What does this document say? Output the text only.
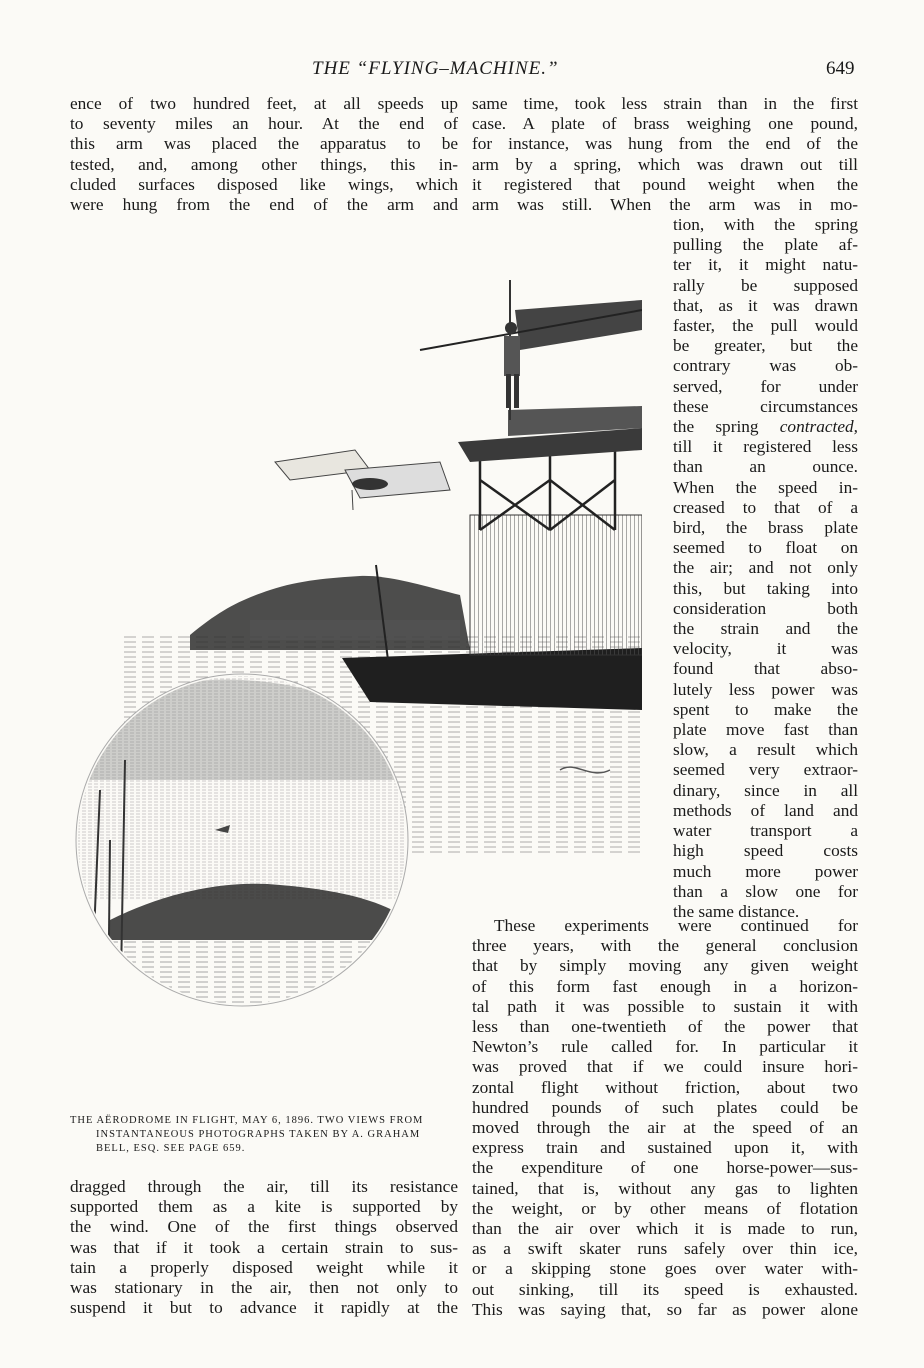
THE “FLYING–MACHINE.”	649

ence of two hundred feet, at all speeds up
to seventy miles an hour. At the end of
this arm was placed the apparatus to be
tested, and, among other things, this in-
cluded surfaces disposed like wings, which
were hung from the end of the arm and

same time, took less strain than in the first
case. A plate of brass weighing one pound,
for instance, was hung from the end of the
arm by a spring, which was drawn out till
it registered that pound weight when the
arm was still. When the arm was in mo-

tion, with the spring
pulling the plate af-
ter it, it might natu-
rally be supposed
that, as it was drawn
faster, the pull would
be greater, but the
contrary was ob-
served, for under
these circumstances
the spring contracted,
till it registered less
than an ounce.
When the speed in-
creased to that of a
bird, the brass plate
seemed to float on
the air; and not only
this, but taking into
consideration both
the strain and the
velocity, it was
found that abso-
lutely less power was
spent to make the
plate move fast than
slow, a result which
seemed very extraor-
dinary, since in all
methods of land and
water transport a
high speed costs
much more power
than a slow one for
the same distance.

These experiments were continued for
three years, with the general conclusion
that by simply moving any given weight
of this form fast enough in a horizon-
tal path it was possible to sustain it with
less than one-twentieth of the power that
Newton’s rule called for. In particular it
was proved that if we could insure hori-
zontal flight without friction, about two
hundred pounds of such plates could be
moved through the air at the speed of an
express train and sustained upon it, with
the expenditure of one horse-power—sus-
tained, that is, without any gas to lighten
the weight, or by other means of flotation
than the air over which it is made to run,
as a swift skater runs safely over thin ice,
or a skipping stone goes over water with-
out sinking, till its speed is exhausted.
This was saying that, so far as power alone

dragged through the air, till its resistance
supported them as a kite is supported by
the wind. One of the first things observed
was that if it took a certain strain to sus-
tain a properly disposed weight while it
was stationary in the air, then not only to
suspend it but to advance it rapidly at the

THE AËRODROME IN FLIGHT, MAY 6, 1896. TWO VIEWS FROM
INSTANTANEOUS PHOTOGRAPHS TAKEN BY A. GRAHAM
BELL, ESQ. SEE PAGE 659.
